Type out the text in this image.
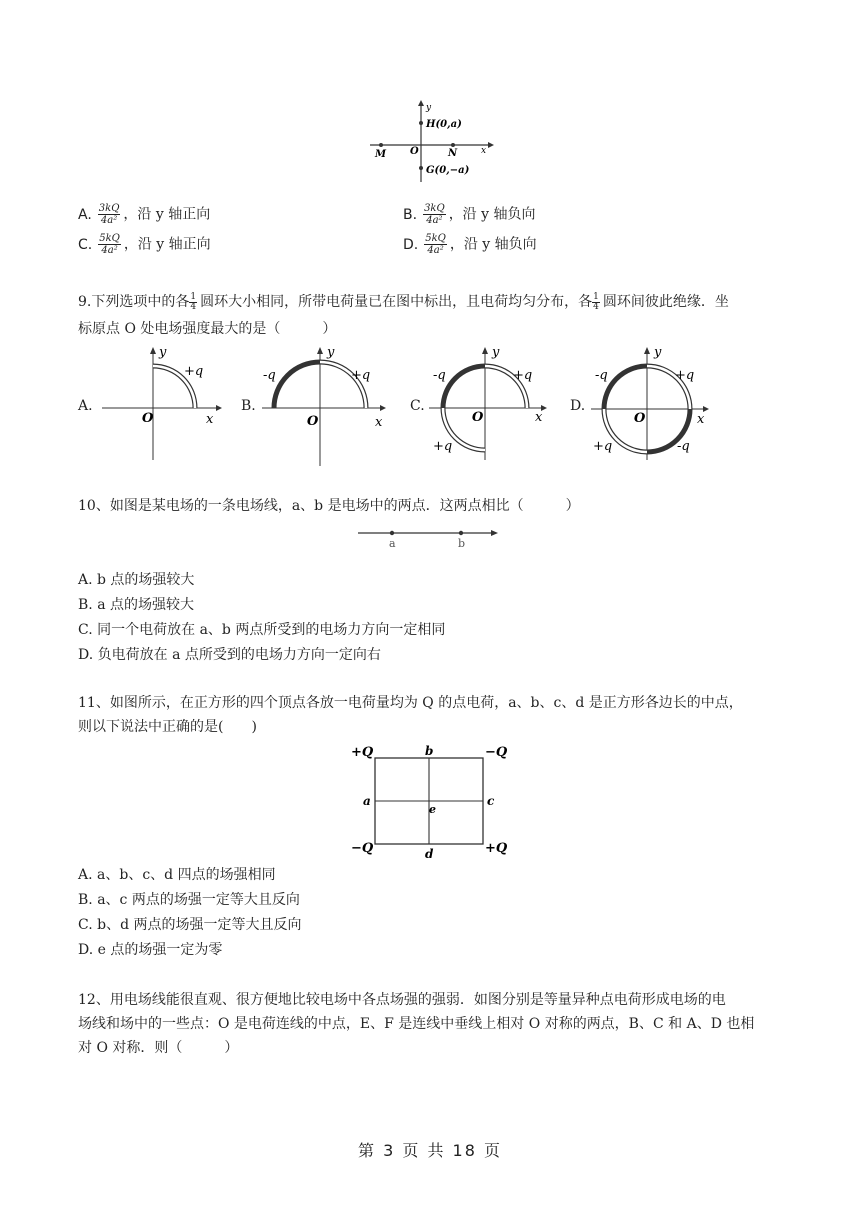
y
H(0,a)
G(0,−a)
M O	N	x
A. $\frac{3kQ}{\text{4a²}}$ ，沿 y 轴正向	B. $\frac{3kQ}{\text{4a²}}$ ，沿 y 轴负向
C. $\frac{5kQ}{\text{4a²}}$ ，沿 y 轴正向	D. $\frac{5kQ}{\text{4a²}}$ ，沿 y 轴负向
9.下列选项中的各 $\frac{1}{4}$ 圆环大小相同，所带电荷量已在图中标出，且电荷均匀分布，各 $\frac{1}{4}$ 圆环间彼此绝缘．坐
标原点 O 处电场强度最大的是（　　　）
A.
y
+q
O	x
B.
y
-q	+q
O	x
C.
y
-q	+q
+q
O	x
D.
y
-q	+q
+q	-q
O	x
10、如图是某电场的一条电场线，a、b 是电场中的两点．这两点相比（　　　）
a	b
A. b 点的场强较大
B. a 点的场强较大
C. 同一个电荷放在 a、b 两点所受到的电场力方向一定相同
D. 负电荷放在 a 点所受到的电场力方向一定向右
11、如图所示，在正方形的四个顶点各放一电荷量均为 Q 的点电荷，a、b、c、d 是正方形各边长的中点，
则以下说法中正确的是(　　)
+Q	−Q
−Q	+Q
b
a	c
d
e
A. a、b、c、d 四点的场强相同
B. a、c 两点的场强一定等大且反向
C. b、d 两点的场强一定等大且反向
D. e 点的场强一定为零
12、用电场线能很直观、很方便地比较电场中各点场强的强弱．如图分别是等量异种点电荷形成电场的电
场线和场中的一些点：O 是电荷连线的中点，E、F 是连线中垂线上相对 O 对称的两点，B、C 和 A、D 也相
对 O 对称．则（　　　）
第 3 页 共 18 页
